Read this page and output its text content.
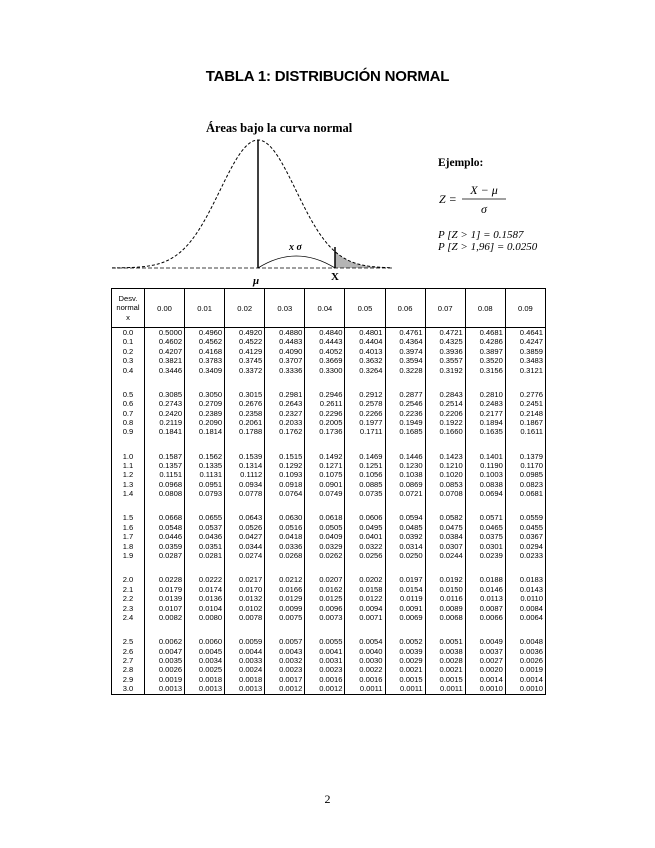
TABLA 1: DISTRIBUCIÓN NORMAL
Z =
X − μ
σ
Áreas bajo la curva normal
x σ
μ	X
Ejemplo:
P [Z > 1] = 0.1587
P [Z > 1,96] = 0.0250
Desv.
normal
x	0.00	0.01	0.02	0.03	0.04	0.05	0.06	0.07	0.08	0.09
0.0	0.5000	0.4960	0.4920	0.4880	0.4840	0.4801	0.4761	0.4721	0.4681	0.4641
0.1	0.4602	0.4562	0.4522	0.4483	0.4443	0.4404	0.4364	0.4325	0.4286	0.4247
0.2	0.4207	0.4168	0.4129	0.4090	0.4052	0.4013	0.3974	0.3936	0.3897	0.3859
0.3	0.3821	0.3783	0.3745	0.3707	0.3669	0.3632	0.3594	0.3557	0.3520	0.3483
0.4	0.3446	0.3409	0.3372	0.3336	0.3300	0.3264	0.3228	0.3192	0.3156	0.3121

0.5	0.3085	0.3050	0.3015	0.2981	0.2946	0.2912	0.2877	0.2843	0.2810	0.2776
0.6	0.2743	0.2709	0.2676	0.2643	0.2611	0.2578	0.2546	0.2514	0.2483	0.2451
0.7	0.2420	0.2389	0.2358	0.2327	0.2296	0.2266	0.2236	0.2206	0.2177	0.2148
0.8	0.2119	0.2090	0.2061	0.2033	0.2005	0.1977	0.1949	0.1922	0.1894	0.1867
0.9	0.1841	0.1814	0.1788	0.1762	0.1736	0.1711	0.1685	0.1660	0.1635	0.1611

1.0	0.1587	0.1562	0.1539	0.1515	0.1492	0.1469	0.1446	0.1423	0.1401	0.1379
1.1	0.1357	0.1335	0.1314	0.1292	0.1271	0.1251	0.1230	0.1210	0.1190	0.1170
1.2	0.1151	0.1131	0.1112	0.1093	0.1075	0.1056	0.1038	0.1020	0.1003	0.0985
1.3	0.0968	0.0951	0.0934	0.0918	0.0901	0.0885	0.0869	0.0853	0.0838	0.0823
1.4	0.0808	0.0793	0.0778	0.0764	0.0749	0.0735	0.0721	0.0708	0.0694	0.0681

1.5	0.0668	0.0655	0.0643	0.0630	0.0618	0.0606	0.0594	0.0582	0.0571	0.0559
1.6	0.0548	0.0537	0.0526	0.0516	0.0505	0.0495	0.0485	0.0475	0.0465	0.0455
1.7	0.0446	0.0436	0.0427	0.0418	0.0409	0.0401	0.0392	0.0384	0.0375	0.0367
1.8	0.0359	0.0351	0.0344	0.0336	0.0329	0.0322	0.0314	0.0307	0.0301	0.0294
1.9	0.0287	0.0281	0.0274	0.0268	0.0262	0.0256	0.0250	0.0244	0.0239	0.0233

2.0	0.0228	0.0222	0.0217	0.0212	0.0207	0.0202	0.0197	0.0192	0.0188	0.0183
2.1	0.0179	0.0174	0.0170	0.0166	0.0162	0.0158	0.0154	0.0150	0.0146	0.0143
2.2	0.0139	0.0136	0.0132	0.0129	0.0125	0.0122	0.0119	0.0116	0.0113	0.0110
2.3	0.0107	0.0104	0.0102	0.0099	0.0096	0.0094	0.0091	0.0089	0.0087	0.0084
2.4	0.0082	0.0080	0.0078	0.0075	0.0073	0.0071	0.0069	0.0068	0.0066	0.0064

2.5	0.0062	0.0060	0.0059	0.0057	0.0055	0.0054	0.0052	0.0051	0.0049	0.0048
2.6	0.0047	0.0045	0.0044	0.0043	0.0041	0.0040	0.0039	0.0038	0.0037	0.0036
2.7	0.0035	0.0034	0.0033	0.0032	0.0031	0.0030	0.0029	0.0028	0.0027	0.0026
2.8	0.0026	0.0025	0.0024	0.0023	0.0023	0.0022	0.0021	0.0021	0.0020	0.0019
2.9	0.0019	0.0018	0.0018	0.0017	0.0016	0.0016	0.0015	0.0015	0.0014	0.0014
3.0	0.0013	0.0013	0.0013	0.0012	0.0012	0.0011	0.0011	0.0011	0.0010	0.0010
2
